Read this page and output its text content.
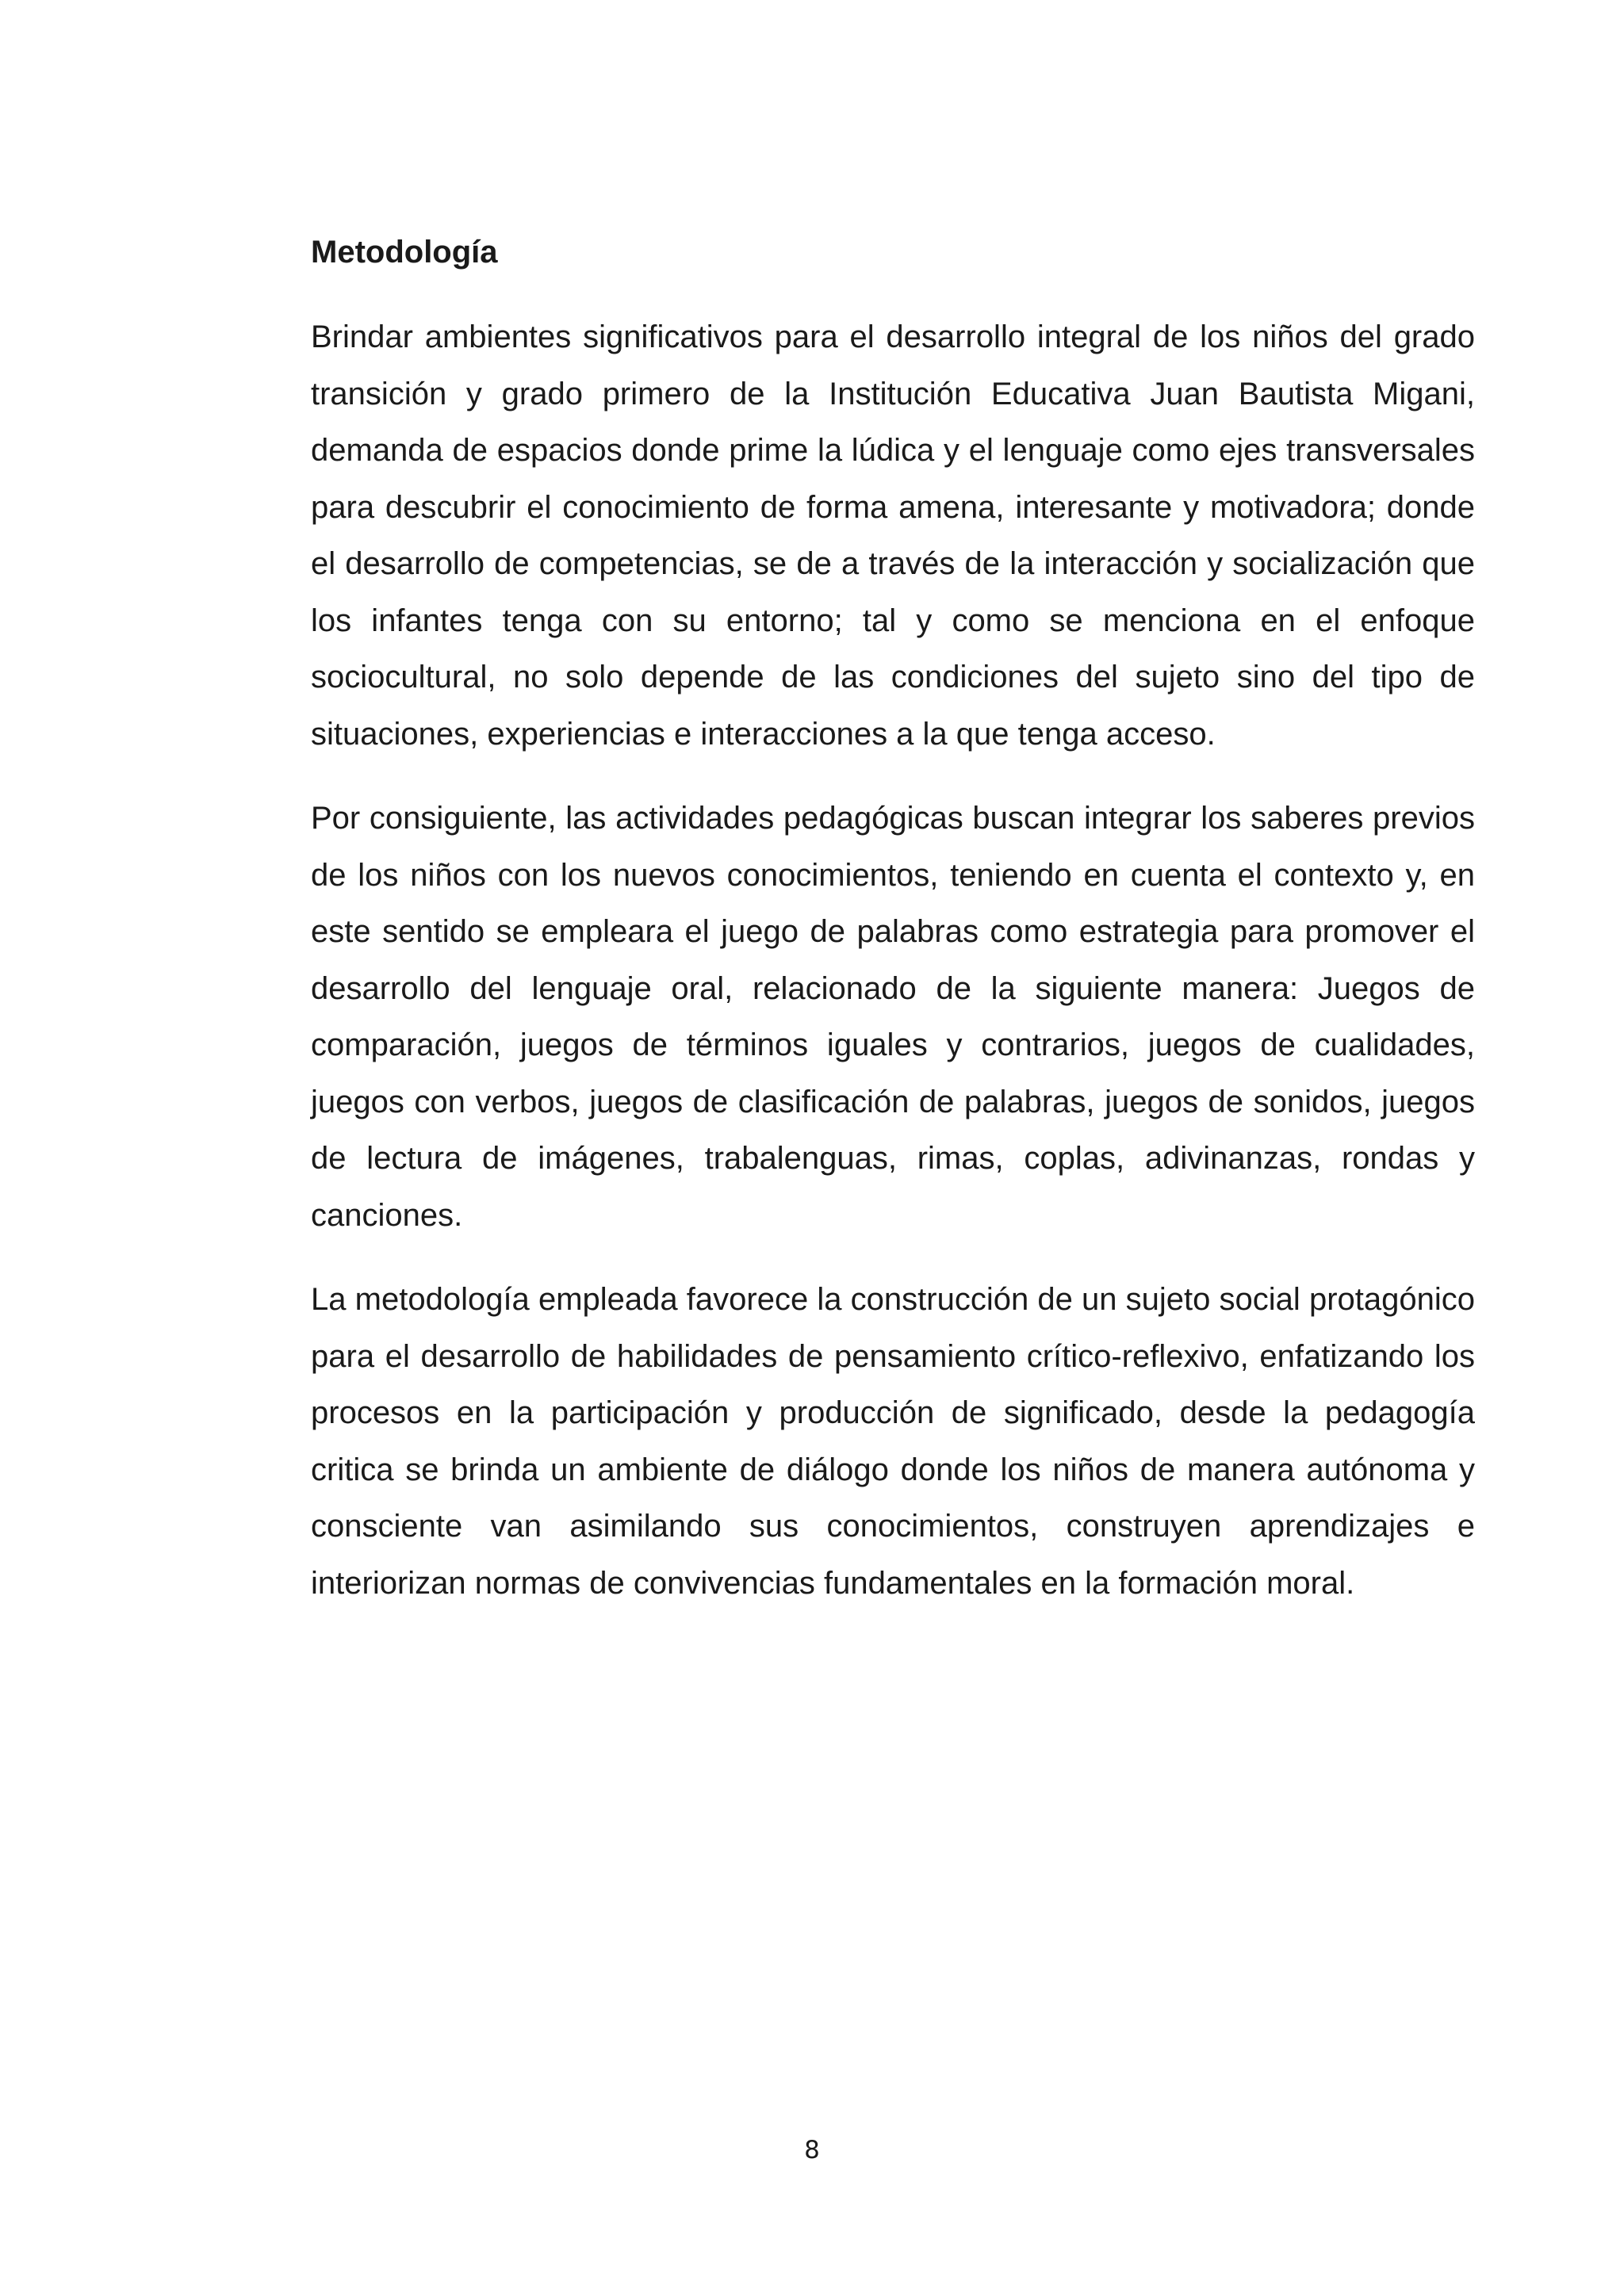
Metodología

Brindar ambientes significativos para el desarrollo integral de los niños del grado transición y grado primero de la Institución Educativa Juan Bautista Migani, demanda de espacios donde prime la lúdica y el lenguaje como ejes transversales para descubrir el conocimiento de forma amena, interesante y motivadora; donde el desarrollo de competencias, se de a través de la interacción y socialización que los infantes tenga con su entorno; tal y como se menciona en el enfoque sociocultural, no solo depende de las condiciones del sujeto sino del tipo de situaciones, experiencias e interacciones a la que tenga acceso.

Por consiguiente, las actividades pedagógicas buscan integrar los saberes previos de los niños con los nuevos conocimientos, teniendo en cuenta el contexto y, en este sentido se empleara el juego de palabras como estrategia para promover el desarrollo del lenguaje oral, relacionado de la siguiente manera: Juegos de comparación, juegos de términos iguales y contrarios, juegos de cualidades, juegos con verbos, juegos de clasificación de palabras, juegos de sonidos, juegos de lectura de imágenes, trabalenguas, rimas, coplas, adivinanzas, rondas y canciones.

La metodología empleada favorece la construcción de un sujeto social protagónico para el desarrollo de habilidades de pensamiento crítico-reflexivo, enfatizando los procesos en la participación y producción de significado, desde la pedagogía critica se brinda un ambiente de diálogo donde los niños de manera autónoma y consciente van asimilando sus conocimientos, construyen aprendizajes e interiorizan normas de convivencias fundamentales en la formación moral.

8
